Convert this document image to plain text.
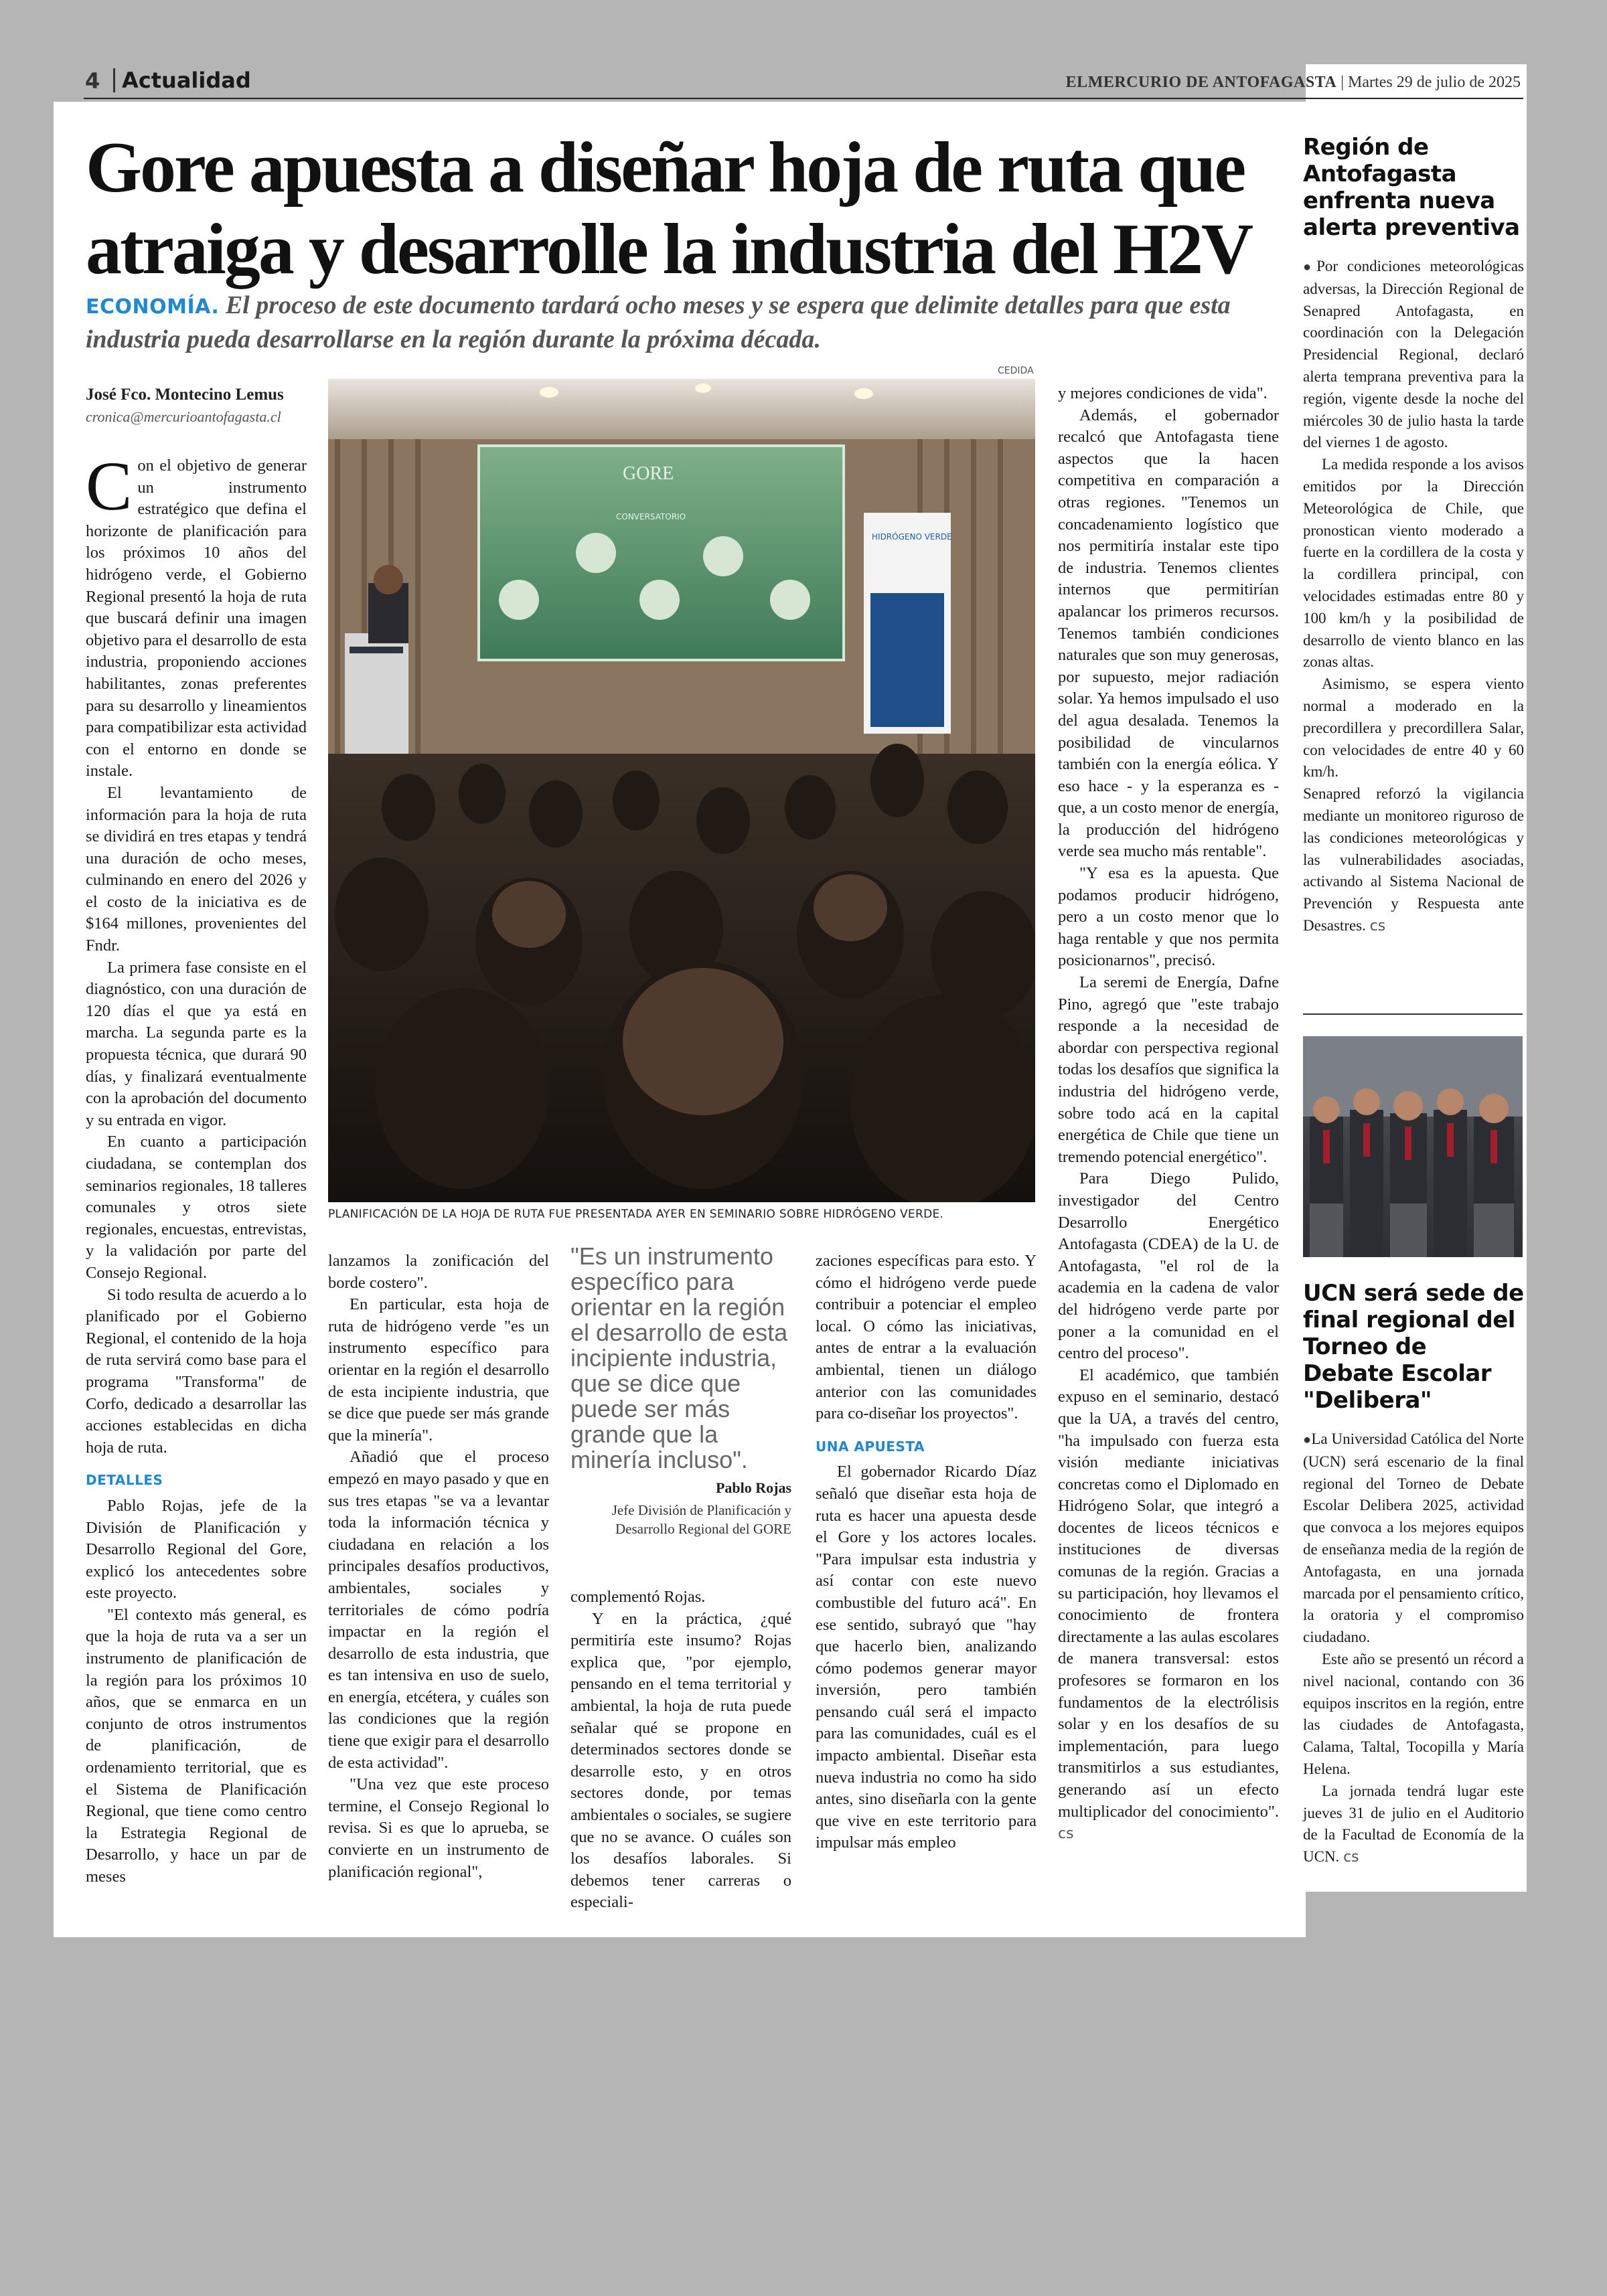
4	Actualidad	ELMERCURIO DE ANTOFAGASTA | Martes 29 de julio de 2025
Gore apuesta a diseñar hoja de ruta que atraiga y desarrolle la industria del H2V

ECONOMÍA. El proceso de este documento tardará ocho meses y se espera que delimite detalles para que esta industria pueda desarrollarse en la región durante la próxima década.

José Fco. Montecino Lemus
cronica@mercurioantofagasta.cl
CEDIDA
GORE
CONVERSATORIO
HIDRÓGENO VERDE
PLANIFICACIÓN DE LA HOJA DE RUTA FUE PRESENTADA AYER EN SEMINARIO SOBRE HIDRÓGENO VERDE.

Con el objetivo de generar un instrumento estratégico que defina el horizonte de planificación para los próximos 10 años del hidrógeno verde, el Gobierno Regional presentó la hoja de ruta que buscará definir una imagen objetivo para el desarrollo de esta industria, proponiendo acciones habilitantes, zonas preferentes para su desarrollo y lineamientos para compatibilizar esta actividad con el entorno en donde se instale.

El levantamiento de información para la hoja de ruta se dividirá en tres etapas y tendrá una duración de ocho meses, culminando en enero del 2026 y el costo de la iniciativa es de $164 millones, provenientes del Fndr.

La primera fase consiste en el diagnóstico, con una duración de 120 días el que ya está en marcha. La segunda parte es la propuesta técnica, que durará 90 días, y finalizará eventualmente con la aprobación del documento y su entrada en vigor.

En cuanto a participación ciudadana, se contemplan dos seminarios regionales, 18 talleres comunales y otros siete regionales, encuestas, entrevistas, y la validación por parte del Consejo Regional.

Si todo resulta de acuerdo a lo planificado por el Gobierno Regional, el contenido de la hoja de ruta servirá como base para el programa "Transforma" de Corfo, dedicado a desarrollar las acciones establecidas en dicha hoja de ruta.

DETALLES

Pablo Rojas, jefe de la División de Planificación y Desarrollo Regional del Gore, explicó los antecedentes sobre este proyecto.

"El contexto más general, es que la hoja de ruta va a ser un instrumento de planificación de la región para los próximos 10 años, que se enmarca en un conjunto de otros instrumentos de planificación, de ordenamiento territorial, que es el Sistema de Planificación Regional, que tiene como centro la Estrategia Regional de Desarrollo, y hace un par de meses

lanzamos la zonificación del borde costero".

En particular, esta hoja de ruta de hidrógeno verde "es un instrumento específico para orientar en la región el desarrollo de esta incipiente industria, que se dice que puede ser más grande que la minería".

Añadió que el proceso empezó en mayo pasado y que en sus tres etapas "se va a levantar toda la información técnica y ciudadana en relación a los principales desafíos productivos, ambientales, sociales y territoriales de cómo podría impactar en la región el desarrollo de esta industria, que es tan intensiva en uso de suelo, en energía, etcétera, y cuáles son las condiciones que la región tiene que exigir para el desarrollo de esta actividad".

"Una vez que este proceso termine, el Consejo Regional lo revisa. Si es que lo aprueba, se convierte en un instrumento de planificación regional",

"Es un instrumento específico para orientar en la región el desarrollo de esta incipiente industria, que se dice que puede ser más grande que la minería incluso".

Pablo Rojas
Jefe División de Planificación y Desarrollo Regional del GORE

complementó Rojas.

Y en la práctica, ¿qué permitiría este insumo? Rojas explica que, "por ejemplo, pensando en el tema territorial y ambiental, la hoja de ruta puede señalar qué se propone en determinados sectores donde se desarrolle esto, y en otros sectores donde, por temas ambientales o sociales, se sugiere que no se avance. O cuáles son los desafíos laborales. Si debemos tener carreras o especiali-

zaciones específicas para esto. Y cómo el hidrógeno verde puede contribuir a potenciar el empleo local. O cómo las iniciativas, antes de entrar a la evaluación ambiental, tienen un diálogo anterior con las comunidades para co-diseñar los proyectos".

UNA APUESTA

El gobernador Ricardo Díaz señaló que diseñar esta hoja de ruta es hacer una apuesta desde el Gore y los actores locales. "Para impulsar esta industria y así contar con este nuevo combustible del futuro acá". En ese sentido, subrayó que "hay que hacerlo bien, analizando cómo podemos generar mayor inversión, pero también pensando cuál será el impacto para las comunidades, cuál es el impacto ambiental. Diseñar esta nueva industria no como ha sido antes, sino diseñarla con la gente que vive en este territorio para impulsar más empleo

y mejores condiciones de vida".

Además, el gobernador recalcó que Antofagasta tiene aspectos que la hacen competitiva en comparación a otras regiones. "Tenemos un concadenamiento logístico que nos permitiría instalar este tipo de industria. Tenemos clientes internos que permitirían apalancar los primeros recursos. Tenemos también condiciones naturales que son muy generosas, por supuesto, mejor radiación solar. Ya hemos impulsado el uso del agua desalada. Tenemos la posibilidad de vincularnos también con la energía eólica. Y eso hace - y la esperanza es - que, a un costo menor de energía, la producción del hidrógeno verde sea mucho más rentable".

"Y esa es la apuesta. Que podamos producir hidrógeno, pero a un costo menor que lo haga rentable y que nos permita posicionarnos", precisó.

La seremi de Energía, Dafne Pino, agregó que "este trabajo responde a la necesidad de abordar con perspectiva regional todas los desafíos que significa la industria del hidrógeno verde, sobre todo acá en la capital energética de Chile que tiene un tremendo potencial energético".

Para Diego Pulido, investigador del Centro Desarrollo Energético Antofagasta (CDEA) de la U. de Antofagasta, "el rol de la academia en la cadena de valor del hidrógeno verde parte por poner a la comunidad en el centro del proceso".

El académico, que también expuso en el seminario, destacó que la UA, a través del centro, "ha impulsado con fuerza esta visión mediante iniciativas concretas como el Diplomado en Hidrógeno Solar, que integró a docentes de liceos técnicos e instituciones de diversas comunas de la región. Gracias a su participación, hoy llevamos el conocimiento de frontera directamente a las aulas escolares de manera transversal: estos profesores se formaron en los fundamentos de la electrólisis solar y en los desafíos de su implementación, para luego transmitirlos a sus estudiantes, generando así un efecto multiplicador del conocimiento". cs

Región de Antofagasta enfrenta nueva alerta preventiva

●Por condiciones meteorológicas adversas, la Dirección Regional de Senapred Antofagasta, en coordinación con la Delegación Presidencial Regional, declaró alerta temprana preventiva para la región, vigente desde la noche del miércoles 30 de julio hasta la tarde del viernes 1 de agosto.

La medida responde a los avisos emitidos por la Dirección Meteorológica de Chile, que pronostican viento moderado a fuerte en la cordillera de la costa y la cordillera principal, con velocidades estimadas entre 80 y 100 km/h y la posibilidad de desarrollo de viento blanco en las zonas altas.

Asimismo, se espera viento normal a moderado en la precordillera y precordillera Salar, con velocidades de entre 40 y 60 km/h.

Senapred reforzó la vigilancia mediante un monitoreo riguroso de las condiciones meteorológicas y las vulnerabilidades asociadas, activando al Sistema Nacional de Prevención y Respuesta ante Desastres. cs

UCN será sede de final regional del Torneo de Debate Escolar "Delibera"

●La Universidad Católica del Norte (UCN) será escenario de la final regional del Torneo de Debate Escolar Delibera 2025, actividad que convoca a los mejores equipos de enseñanza media de la región de Antofagasta, en una jornada marcada por el pensamiento crítico, la oratoria y el compromiso ciudadano.

Este año se presentó un récord a nivel nacional, contando con 36 equipos inscritos en la región, entre las ciudades de Antofagasta, Calama, Taltal, Tocopilla y María Helena.

La jornada tendrá lugar este jueves 31 de julio en el Auditorio de la Facultad de Economía de la UCN. cs
